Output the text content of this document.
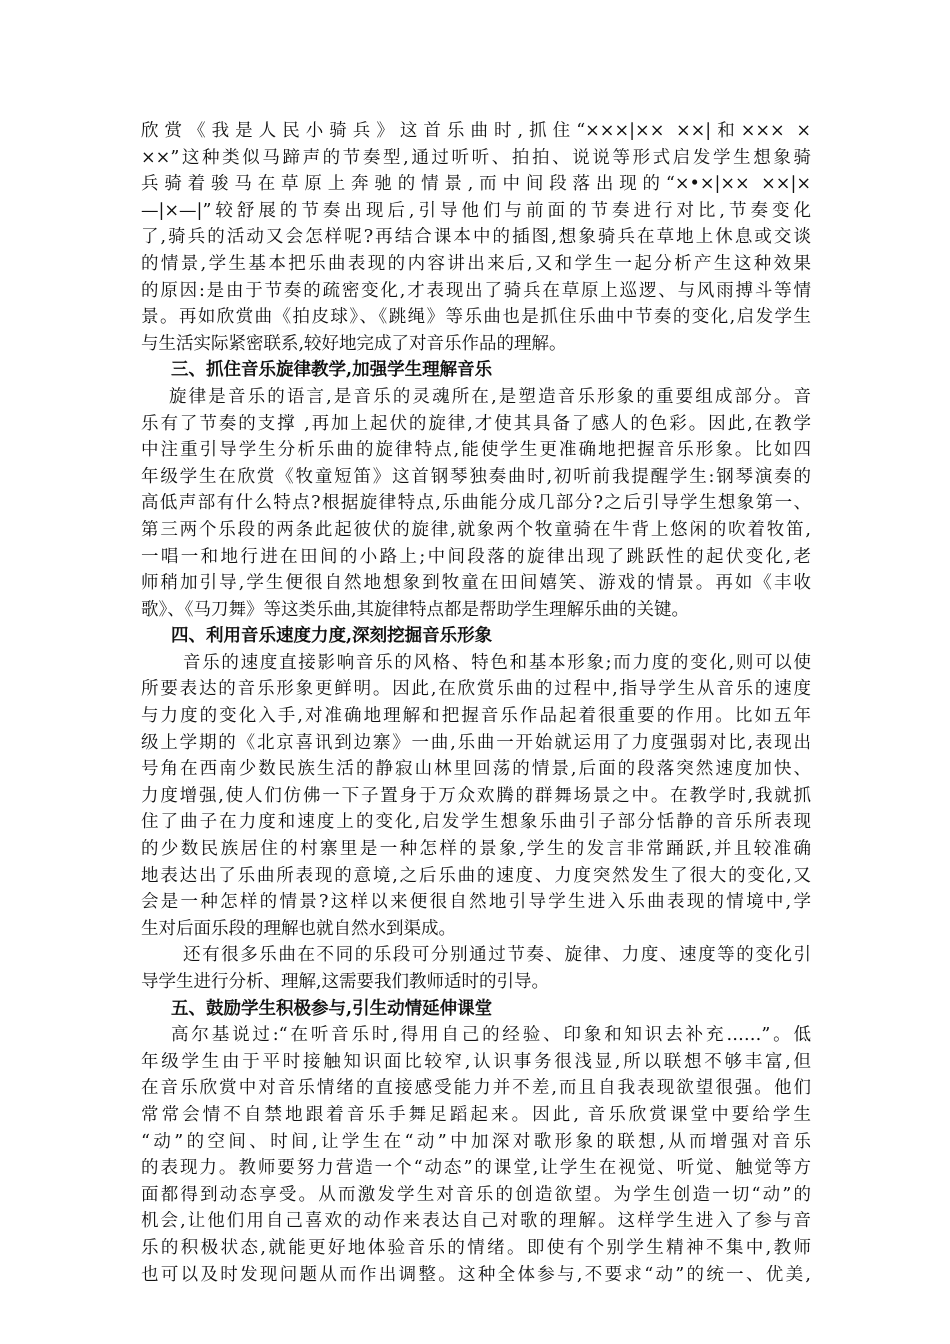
欣赏《我是人民小骑兵》这首乐曲时,抓住“×××|×× ××|和××× ×
××”这种类似马蹄声的节奏型,通过听听、拍拍、说说等形式启发学生想象骑
兵骑着骏马在草原上奔驰的情景,而中间段落出现的“×•×|×× ××|×
—|×—|”较舒展的节奏出现后,引导他们与前面的节奏进行对比,节奏变化
了,骑兵的活动又会怎样呢?再结合课本中的插图,想象骑兵在草地上休息或交谈
的情景,学生基本把乐曲表现的内容讲出来后,又和学生一起分析产生这种效果
的原因:是由于节奏的疏密变化,才表现出了骑兵在草原上巡逻、与风雨搏斗等情
景。再如欣赏曲《拍皮球》、《跳绳》等乐曲也是抓住乐曲中节奏的变化,启发学生
与生活实际紧密联系,较好地完成了对音乐作品的理解。
三、抓住音乐旋律教学,加强学生理解音乐
旋律是音乐的语言,是音乐的灵魂所在,是塑造音乐形象的重要组成部分。音
乐有了节奏的支撑 ,再加上起伏的旋律,才使其具备了感人的色彩。因此,在教学
中注重引导学生分析乐曲的旋律特点,能使学生更准确地把握音乐形象。比如四
年级学生在欣赏《牧童短笛》这首钢琴独奏曲时,初听前我提醒学生:钢琴演奏的
高低声部有什么特点?根据旋律特点,乐曲能分成几部分?之后引导学生想象第一、
第三两个乐段的两条此起彼伏的旋律,就象两个牧童骑在牛背上悠闲的吹着牧笛,
一唱一和地行进在田间的小路上;中间段落的旋律出现了跳跃性的起伏变化,老
师稍加引导,学生便很自然地想象到牧童在田间嬉笑、游戏的情景。再如《丰收
歌》、《马刀舞》等这类乐曲,其旋律特点都是帮助学生理解乐曲的关键。
四、利用音乐速度力度,深刻挖掘音乐形象
音乐的速度直接影响音乐的风格、特色和基本形象;而力度的变化,则可以使
所要表达的音乐形象更鲜明。因此,在欣赏乐曲的过程中,指导学生从音乐的速度
与力度的变化入手,对准确地理解和把握音乐作品起着很重要的作用。比如五年
级上学期的《北京喜讯到边寨》一曲,乐曲一开始就运用了力度强弱对比,表现出
号角在西南少数民族生活的静寂山林里回荡的情景,后面的段落突然速度加快、
力度增强,使人们仿佛一下子置身于万众欢腾的群舞场景之中。在教学时,我就抓
住了曲子在力度和速度上的变化,启发学生想象乐曲引子部分恬静的音乐所表现
的少数民族居住的村寨里是一种怎样的景象,学生的发言非常踊跃,并且较准确
地表达出了乐曲所表现的意境,之后乐曲的速度、力度突然发生了很大的变化,又
会是一种怎样的情景?这样以来便很自然地引导学生进入乐曲表现的情境中,学
生对后面乐段的理解也就自然水到渠成。
还有很多乐曲在不同的乐段可分别通过节奏、旋律、力度、速度等的变化引
导学生进行分析、理解,这需要我们教师适时的引导。
五、鼓励学生积极参与,引生动情延伸课堂
高尔基说过:“在听音乐时,得用自己的经验、印象和知识去补充……”。低
年级学生由于平时接触知识面比较窄,认识事务很浅显,所以联想不够丰富,但
在音乐欣赏中对音乐情绪的直接感受能力并不差,而且自我表现欲望很强。他们
常常会情不自禁地跟着音乐手舞足蹈起来。因此, 音乐欣赏课堂中要给学生
“动”的空间、时间,让学生在“动”中加深对歌形象的联想,从而增强对音乐
的表现力。教师要努力营造一个“动态”的课堂,让学生在视觉、听觉、触觉等方
面都得到动态享受。从而激发学生对音乐的创造欲望。为学生创造一切“动”的
机会,让他们用自己喜欢的动作来表达自己对歌的理解。这样学生进入了参与音
乐的积极状态,就能更好地体验音乐的情绪。即使有个别学生精神不集中,教师
也可以及时发现问题从而作出调整。这种全体参与,不要求“动”的统一、优美,
